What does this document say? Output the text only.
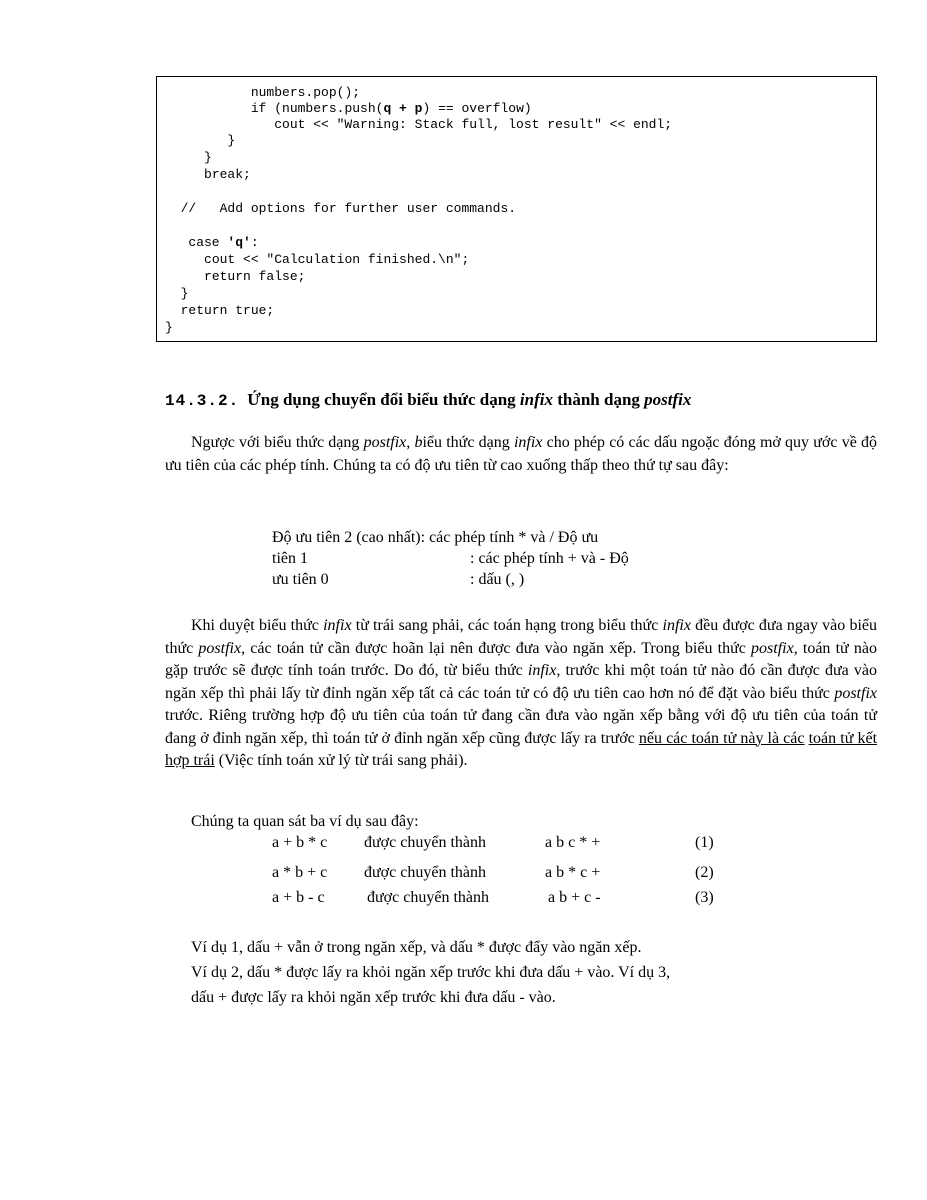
numbers.pop();
if (numbers.push(q + p) == overflow)
cout << "Warning: Stack full, lost result" << endl;
}
}
break;
//   Add options for further user commands.
case 'q':
cout << "Calculation finished.\n";
return false;
}
return true;
}
14.3.2. Ứng dụng chuyển đổi biểu thức dạng infix thành dạng postfix
Ngược với biểu thức dạng postfix, biểu thức dạng infix cho phép có các dấu ngoặc đóng mở quy ước về độ ưu tiên của các phép tính. Chúng ta có độ ưu tiên từ cao xuống thấp theo thứ tự sau đây:
Độ ưu tiên 2 (cao nhất): các phép tính * và / Độ ưu
tiên 1	: các phép tính + và - Độ
ưu tiên 0	: dấu (, )
Khi duyệt biểu thức infix từ trái sang phải, các toán hạng trong biểu thức infix đều được đưa ngay vào biểu thức postfix, các toán tử cần được hoãn lại nên được đưa vào ngăn xếp. Trong biểu thức postfix, toán tử nào gặp trước sẽ được tính toán trước. Do đó, từ biểu thức infix, trước khi một toán tử nào đó cần được đưa vào ngăn xếp thì phải lấy từ đỉnh ngăn xếp tất cả các toán tử có độ ưu tiên cao hơn nó để đặt vào biểu thức postfix trước. Riêng trường hợp độ ưu tiên của toán tử đang cần đưa vào ngăn xếp bằng với độ ưu tiên của toán tử đang ở đỉnh ngăn xếp, thì toán tử ở đỉnh ngăn xếp cũng được lấy ra trước nếu các toán tử này là các toán tử kết hợp trái (Việc tính toán xử lý từ trái sang phải).
Chúng ta quan sát ba ví dụ sau đây:
a + b * c được chuyển thành	a b c * +	(1)
a * b + c được chuyển thành	a b * c +	(2)
a + b - c	được chuyển thành	a b + c -	(3)
Ví dụ 1, dấu + vẫn ở trong ngăn xếp, và dấu * được đẩy vào ngăn xếp.
Ví dụ 2, dấu * được lấy ra khỏi ngăn xếp trước khi đưa dấu + vào. Ví dụ 3,
dấu + được lấy ra khỏi ngăn xếp trước khi đưa dấu - vào.
